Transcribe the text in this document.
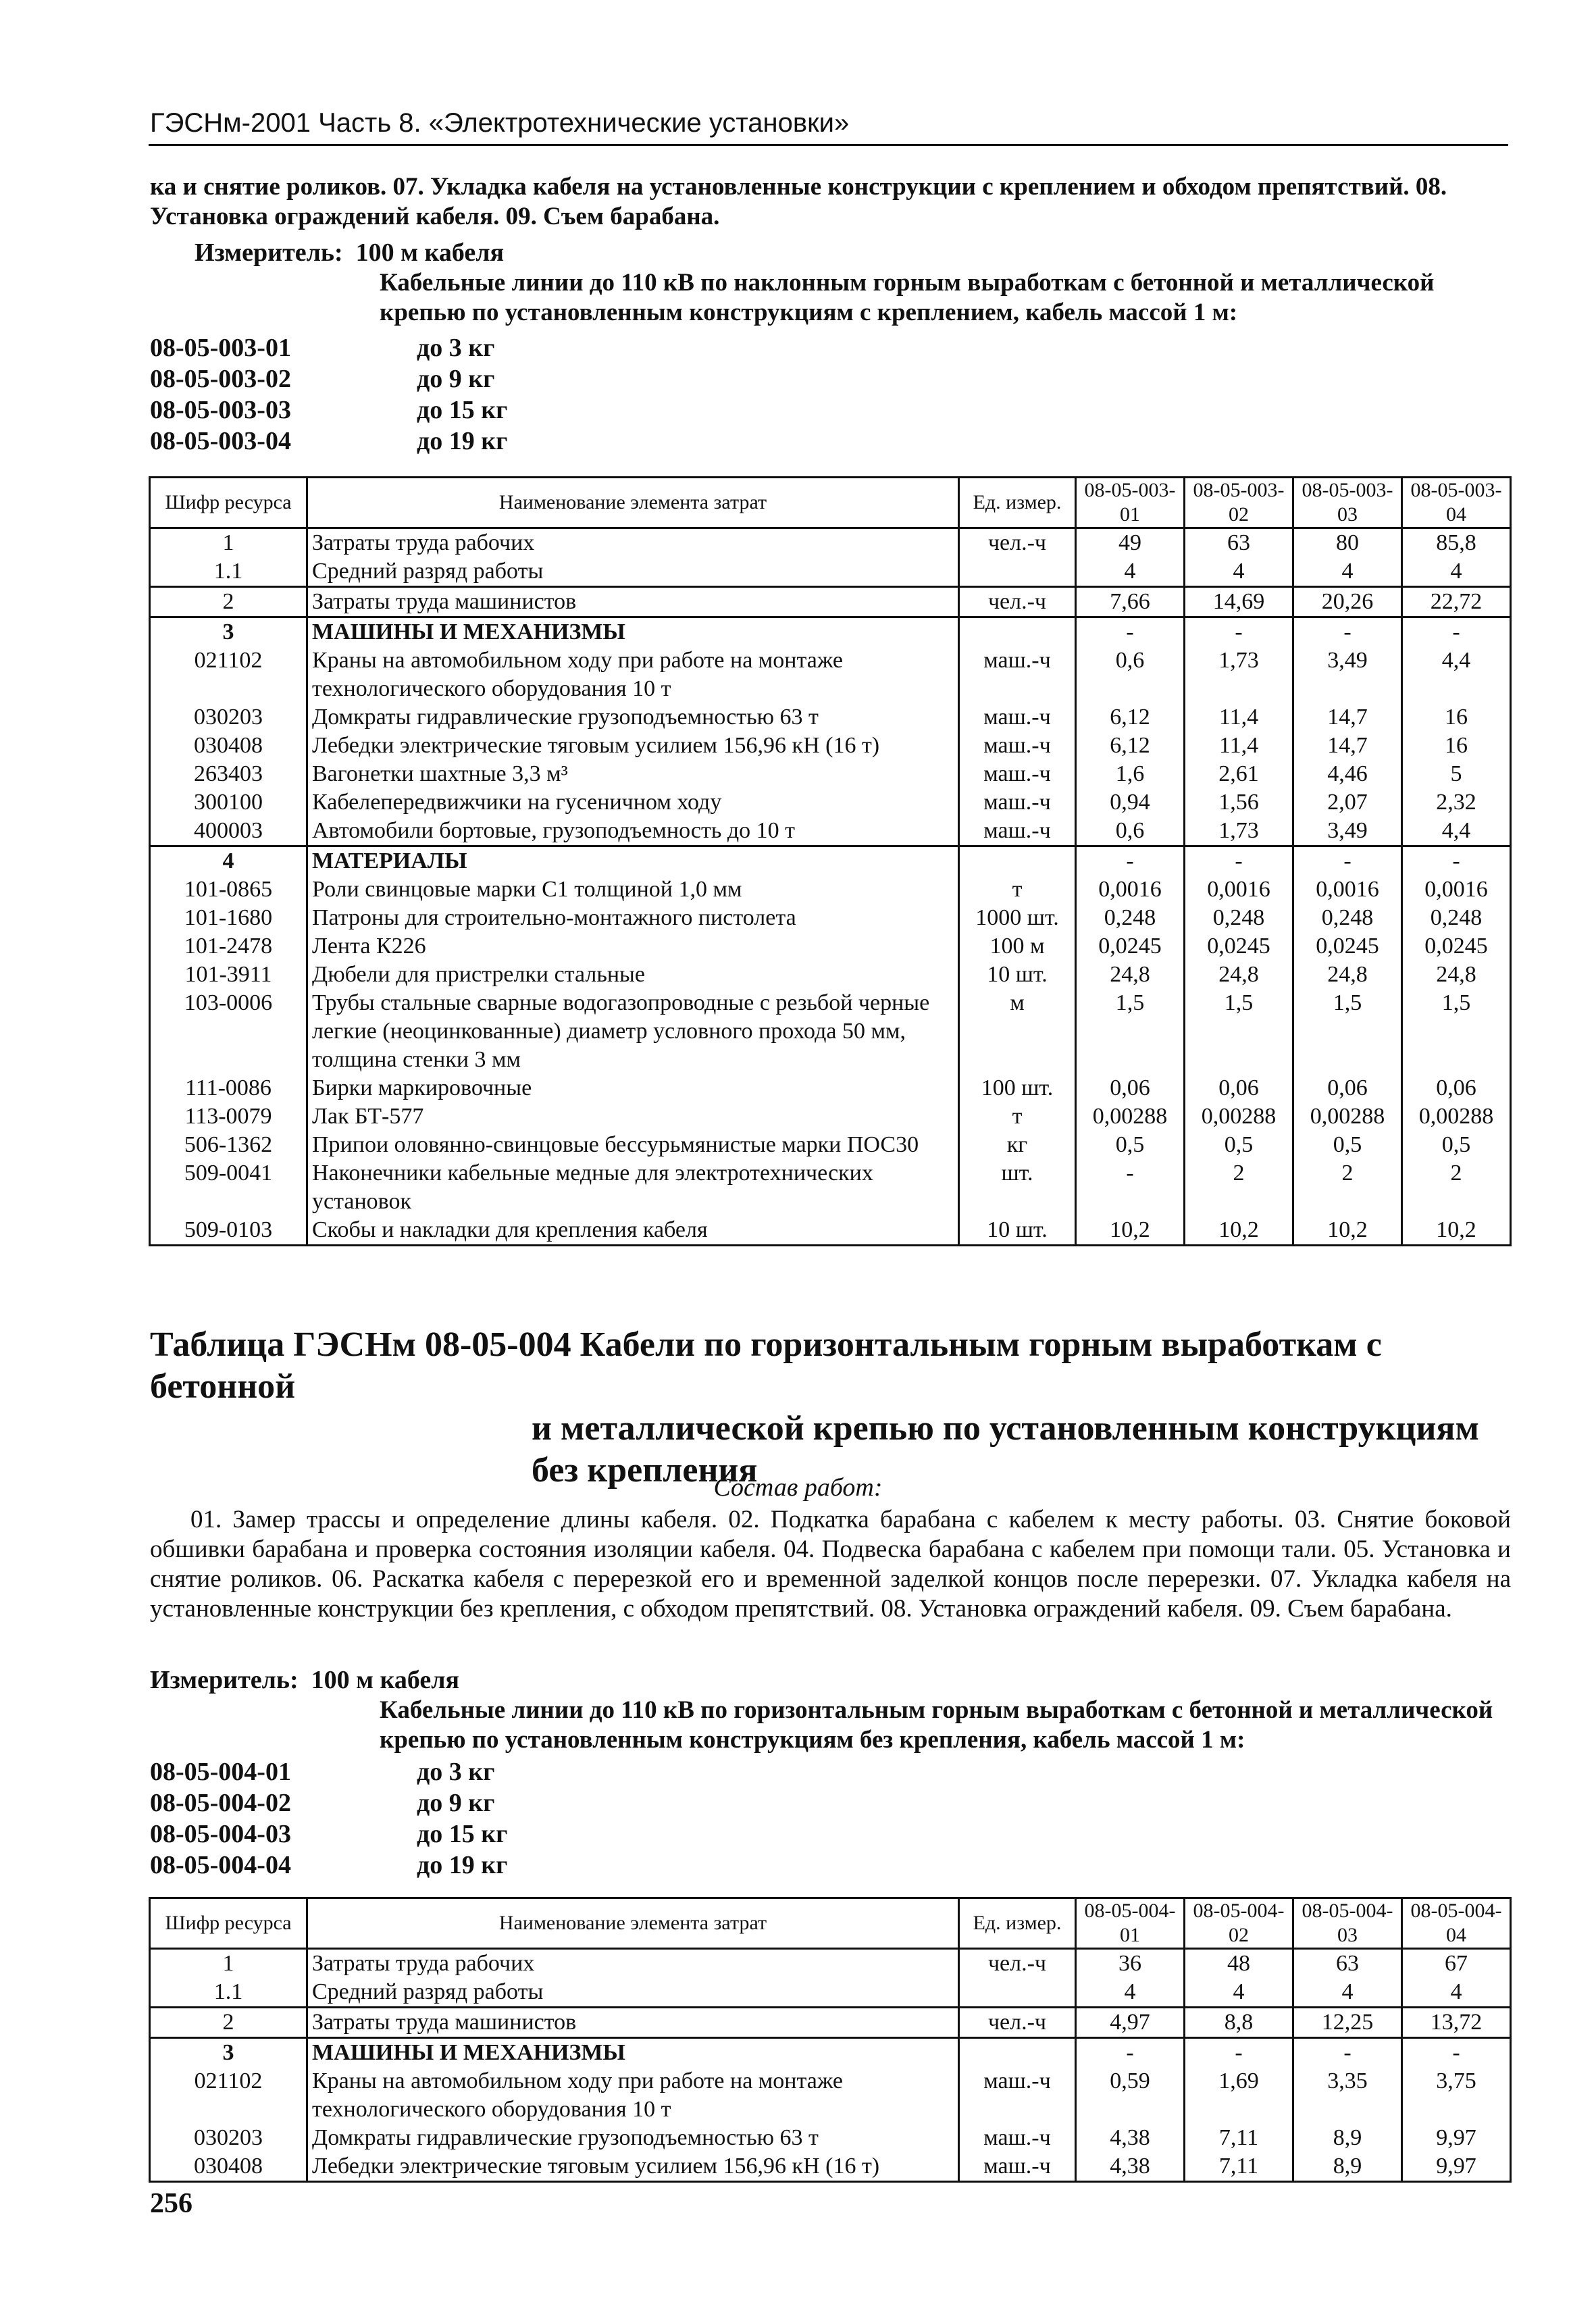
ГЭСНм-2001 Часть 8. «Электротехнические установки»
ка и снятие роликов. 07. Укладка кабеля на установленные конструкции с креплением и обходом препятствий. 08. Установка ограждений кабеля. 09. Съем барабана.
Измеритель: 100 м кабеля
Кабельные линии до 110 кВ по наклонным горным выработкам с бетонной и металлической крепью по установленным конструкциям с креплением, кабель массой 1 м:
08-05-003-01	до 3 кг
08-05-003-02	до 9 кг
08-05-003-03	до 15 кг
08-05-003-04	до 19 кг
Шифр ресурса	Наименование элемента затрат	Ед. измер.	08-05-003-01	08-05-003-02	08-05-003-03	08-05-003-04
1	Затраты труда рабочих	чел.-ч	49	63	80	85,8
1.1	Средний разряд работы		4	4	4	4
2	Затраты труда машинистов	чел.-ч	7,66	14,69	20,26	22,72
3	МАШИНЫ И МЕХАНИЗМЫ		-	-	-	-
021102	Краны на автомобильном ходу при работе на монтаже технологического оборудования 10 т	маш.-ч	0,6	1,73	3,49	4,4
030203	Домкраты гидравлические грузоподъемностью 63 т	маш.-ч	6,12	11,4	14,7	16
030408	Лебедки электрические тяговым усилием 156,96 кН (16 т)	маш.-ч	6,12	11,4	14,7	16
263403	Вагонетки шахтные 3,3 м³	маш.-ч	1,6	2,61	4,46	5
300100	Кабелепередвижчики на гусеничном ходу	маш.-ч	0,94	1,56	2,07	2,32
400003	Автомобили бортовые, грузоподъемность до 10 т	маш.-ч	0,6	1,73	3,49	4,4
4	МАТЕРИАЛЫ		-	-	-	-
101-0865	Роли свинцовые марки С1 толщиной 1,0 мм	т	0,0016	0,0016	0,0016	0,0016
101-1680	Патроны для строительно-монтажного пистолета	1000 шт.	0,248	0,248	0,248	0,248
101-2478	Лента К226	100 м	0,0245	0,0245	0,0245	0,0245
101-3911	Дюбели для пристрелки стальные	10 шт.	24,8	24,8	24,8	24,8
103-0006	Трубы стальные сварные водогазопроводные с резьбой черные легкие (неоцинкованные) диаметр условного прохода 50 мм, толщина стенки 3 мм	м	1,5	1,5	1,5	1,5
111-0086	Бирки маркировочные	100 шт.	0,06	0,06	0,06	0,06
113-0079	Лак БТ-577	т	0,00288	0,00288	0,00288	0,00288
506-1362	Припои оловянно-свинцовые бессурьмянистые марки ПОС30	кг	0,5	0,5	0,5	0,5
509-0041	Наконечники кабельные медные для электротехнических установок	шт.	-	2	2	2
509-0103	Скобы и накладки для крепления кабеля	10 шт.	10,2	10,2	10,2	10,2
Таблица ГЭСНм 08-05-004 Кабели по горизонтальным горным выработкам с бетонной
и металлической крепью по установленным конструкциям
без крепления
Состав работ:
01. Замер трассы и определение длины кабеля. 02. Подкатка барабана с кабелем к месту работы. 03. Снятие боковой обшивки барабана и проверка состояния изоляции кабеля. 04. Подвеска барабана с кабелем при помощи тали. 05. Установка и снятие роликов. 06. Раскатка кабеля с перерезкой его и временной заделкой концов после перерезки. 07. Укладка кабеля на установленные конструкции без крепления, с обходом препятствий. 08. Установка ограждений кабеля. 09. Съем барабана.
Измеритель: 100 м кабеля
Кабельные линии до 110 кВ по горизонтальным горным выработкам с бетонной и металлической крепью по установленным конструкциям без крепления, кабель массой 1 м:
08-05-004-01	до 3 кг
08-05-004-02	до 9 кг
08-05-004-03	до 15 кг
08-05-004-04	до 19 кг
Шифр ресурса	Наименование элемента затрат	Ед. измер.	08-05-004-01	08-05-004-02	08-05-004-03	08-05-004-04
1	Затраты труда рабочих	чел.-ч	36	48	63	67
1.1	Средний разряд работы		4	4	4	4
2	Затраты труда машинистов	чел.-ч	4,97	8,8	12,25	13,72
3	МАШИНЫ И МЕХАНИЗМЫ		-	-	-	-
021102	Краны на автомобильном ходу при работе на монтаже технологического оборудования 10 т	маш.-ч	0,59	1,69	3,35	3,75
030203	Домкраты гидравлические грузоподъемностью 63 т	маш.-ч	4,38	7,11	8,9	9,97
030408	Лебедки электрические тяговым усилием 156,96 кН (16 т)	маш.-ч	4,38	7,11	8,9	9,97
256
